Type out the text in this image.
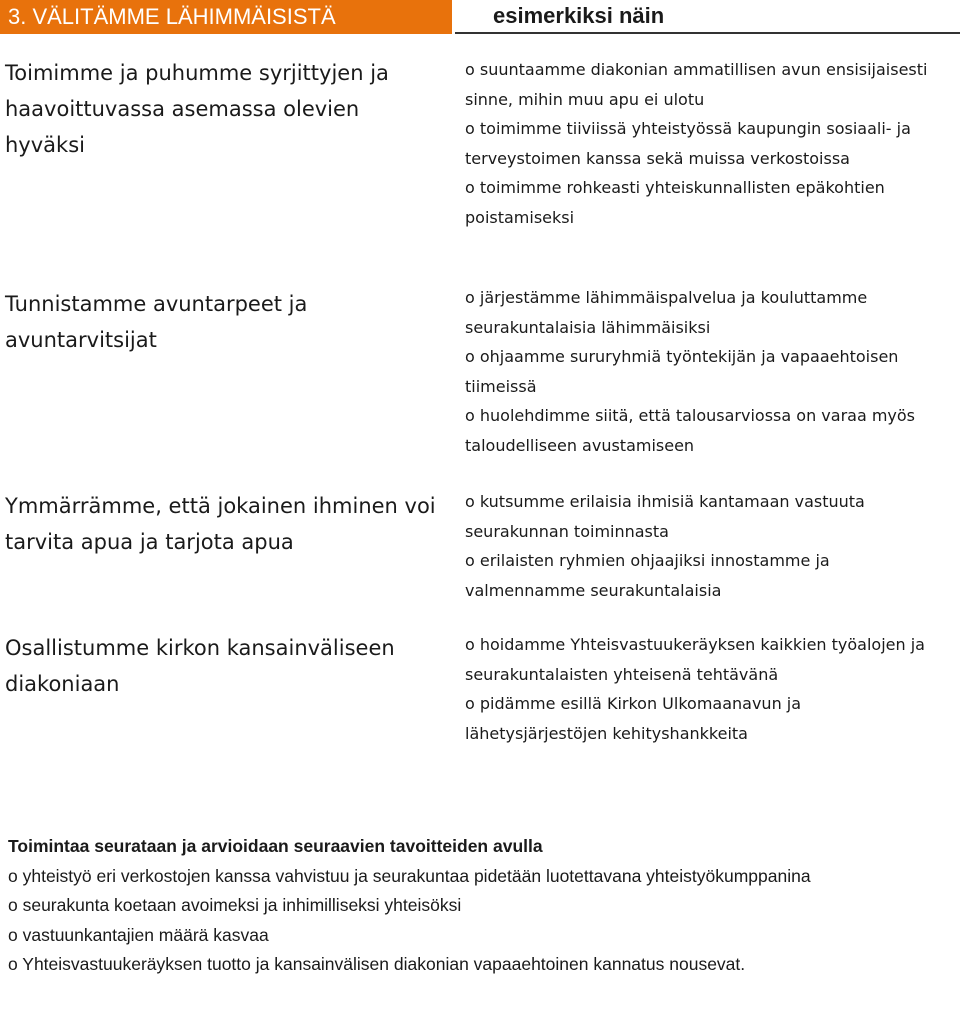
3. VÄLITÄMME LÄHIMMÄISISTÄ	esimerkiksi näin
Toimimme ja puhumme syrjittyjen ja haavoittuvassa asemassa olevien hyväksi

o suuntaamme diakonian ammatillisen avun ensisijaisesti sinne, mihin muu apu ei ulotu

o toimimme tiiviissä yhteistyössä kaupungin sosiaali- ja terveystoimen kanssa sekä muissa verkostoissa

o toimimme rohkeasti yhteiskunnallisten epäkohtien poistamiseksi

Tunnistamme avuntarpeet ja avuntarvitsijat

o järjestämme lähimmäispalvelua ja kouluttamme seurakuntalaisia lähimmäisiksi

o ohjaamme sururyhmiä työntekijän ja vapaaehtoisen tiimeissä

o huolehdimme siitä, että talousarviossa on varaa myös taloudelliseen avustamiseen

Ymmärrämme, että jokainen ihminen voi tarvita apua ja tarjota apua

o kutsumme erilaisia ihmisiä kantamaan vastuuta seurakunnan toiminnasta

o erilaisten ryhmien ohjaajiksi innostamme ja valmennamme seurakuntalaisia

Osallistumme kirkon kansainväliseen diakoniaan

o hoidamme Yhteisvastuukeräyksen kaikkien työalojen ja seurakuntalaisten yhteisenä tehtävänä

o pidämme esillä Kirkon Ulkomaanavun ja lähetysjärjestöjen kehityshankkeita

Toimintaa seurataan ja arvioidaan seuraavien tavoitteiden avulla

o yhteistyö eri verkostojen kanssa vahvistuu ja seurakuntaa pidetään luotettavana yhteistyökumppanina

o seurakunta koetaan avoimeksi ja inhimilliseksi yhteisöksi

o vastuunkantajien määrä kasvaa

o Yhteisvastuukeräyksen tuotto ja kansainvälisen diakonian vapaaehtoinen kannatus nousevat.
